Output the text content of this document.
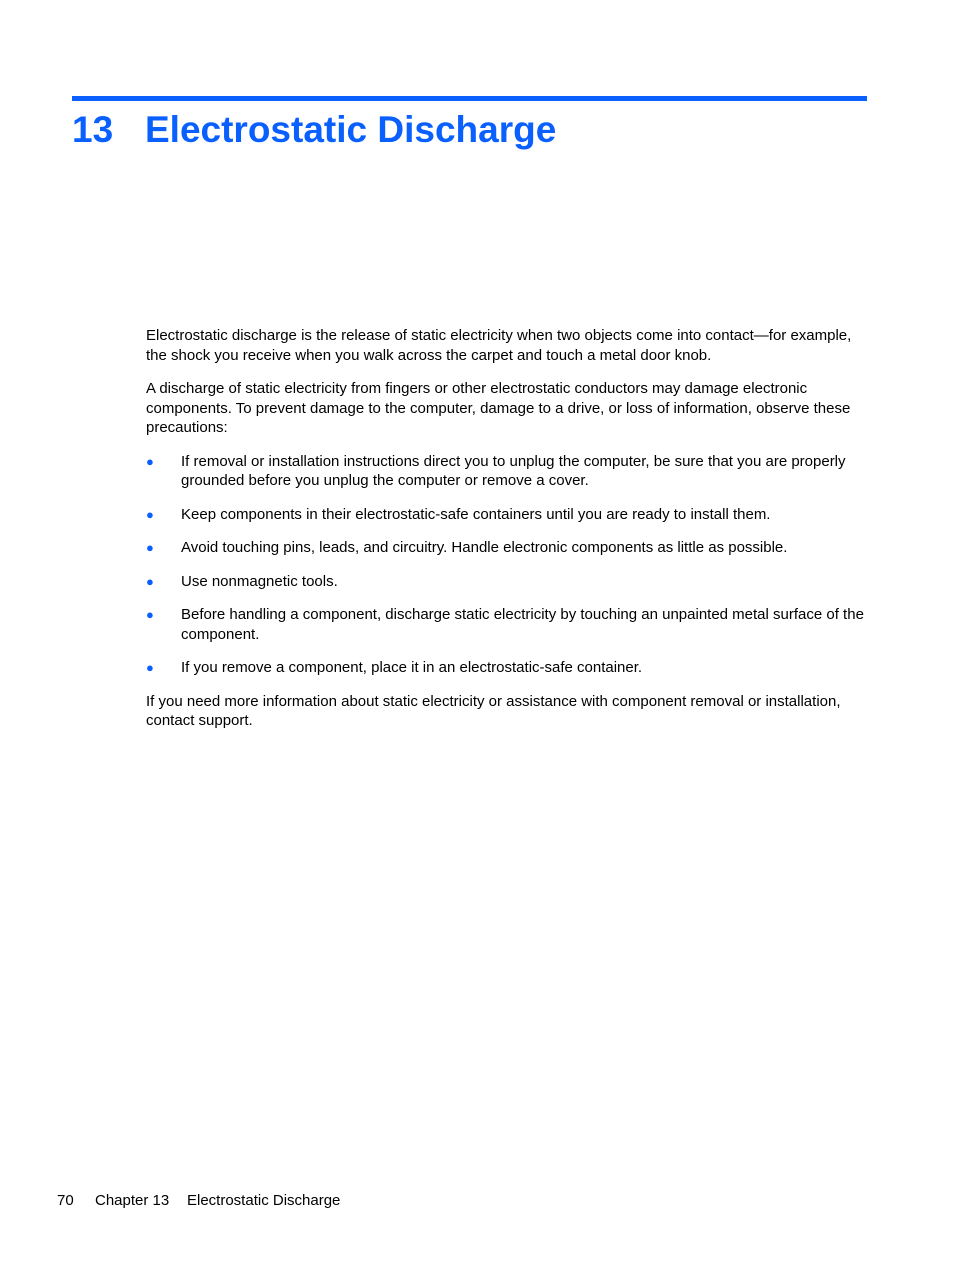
13 Electrostatic Discharge

Electrostatic discharge is the release of static electricity when two objects come into contact—for example, the shock you receive when you walk across the carpet and touch a metal door knob.

A discharge of static electricity from fingers or other electrostatic conductors may damage electronic components. To prevent damage to the computer, damage to a drive, or loss of information, observe these precautions:

● If removal or installation instructions direct you to unplug the computer, be sure that you are properly grounded before you unplug the computer or remove a cover.
● Keep components in their electrostatic-safe containers until you are ready to install them.
● Avoid touching pins, leads, and circuitry. Handle electronic components as little as possible.
● Use nonmagnetic tools.
● Before handling a component, discharge static electricity by touching an unpainted metal surface of the component.
● If you remove a component, place it in an electrostatic-safe container.

If you need more information about static electricity or assistance with component removal or installation, contact support.

70 Chapter 13 Electrostatic Discharge
